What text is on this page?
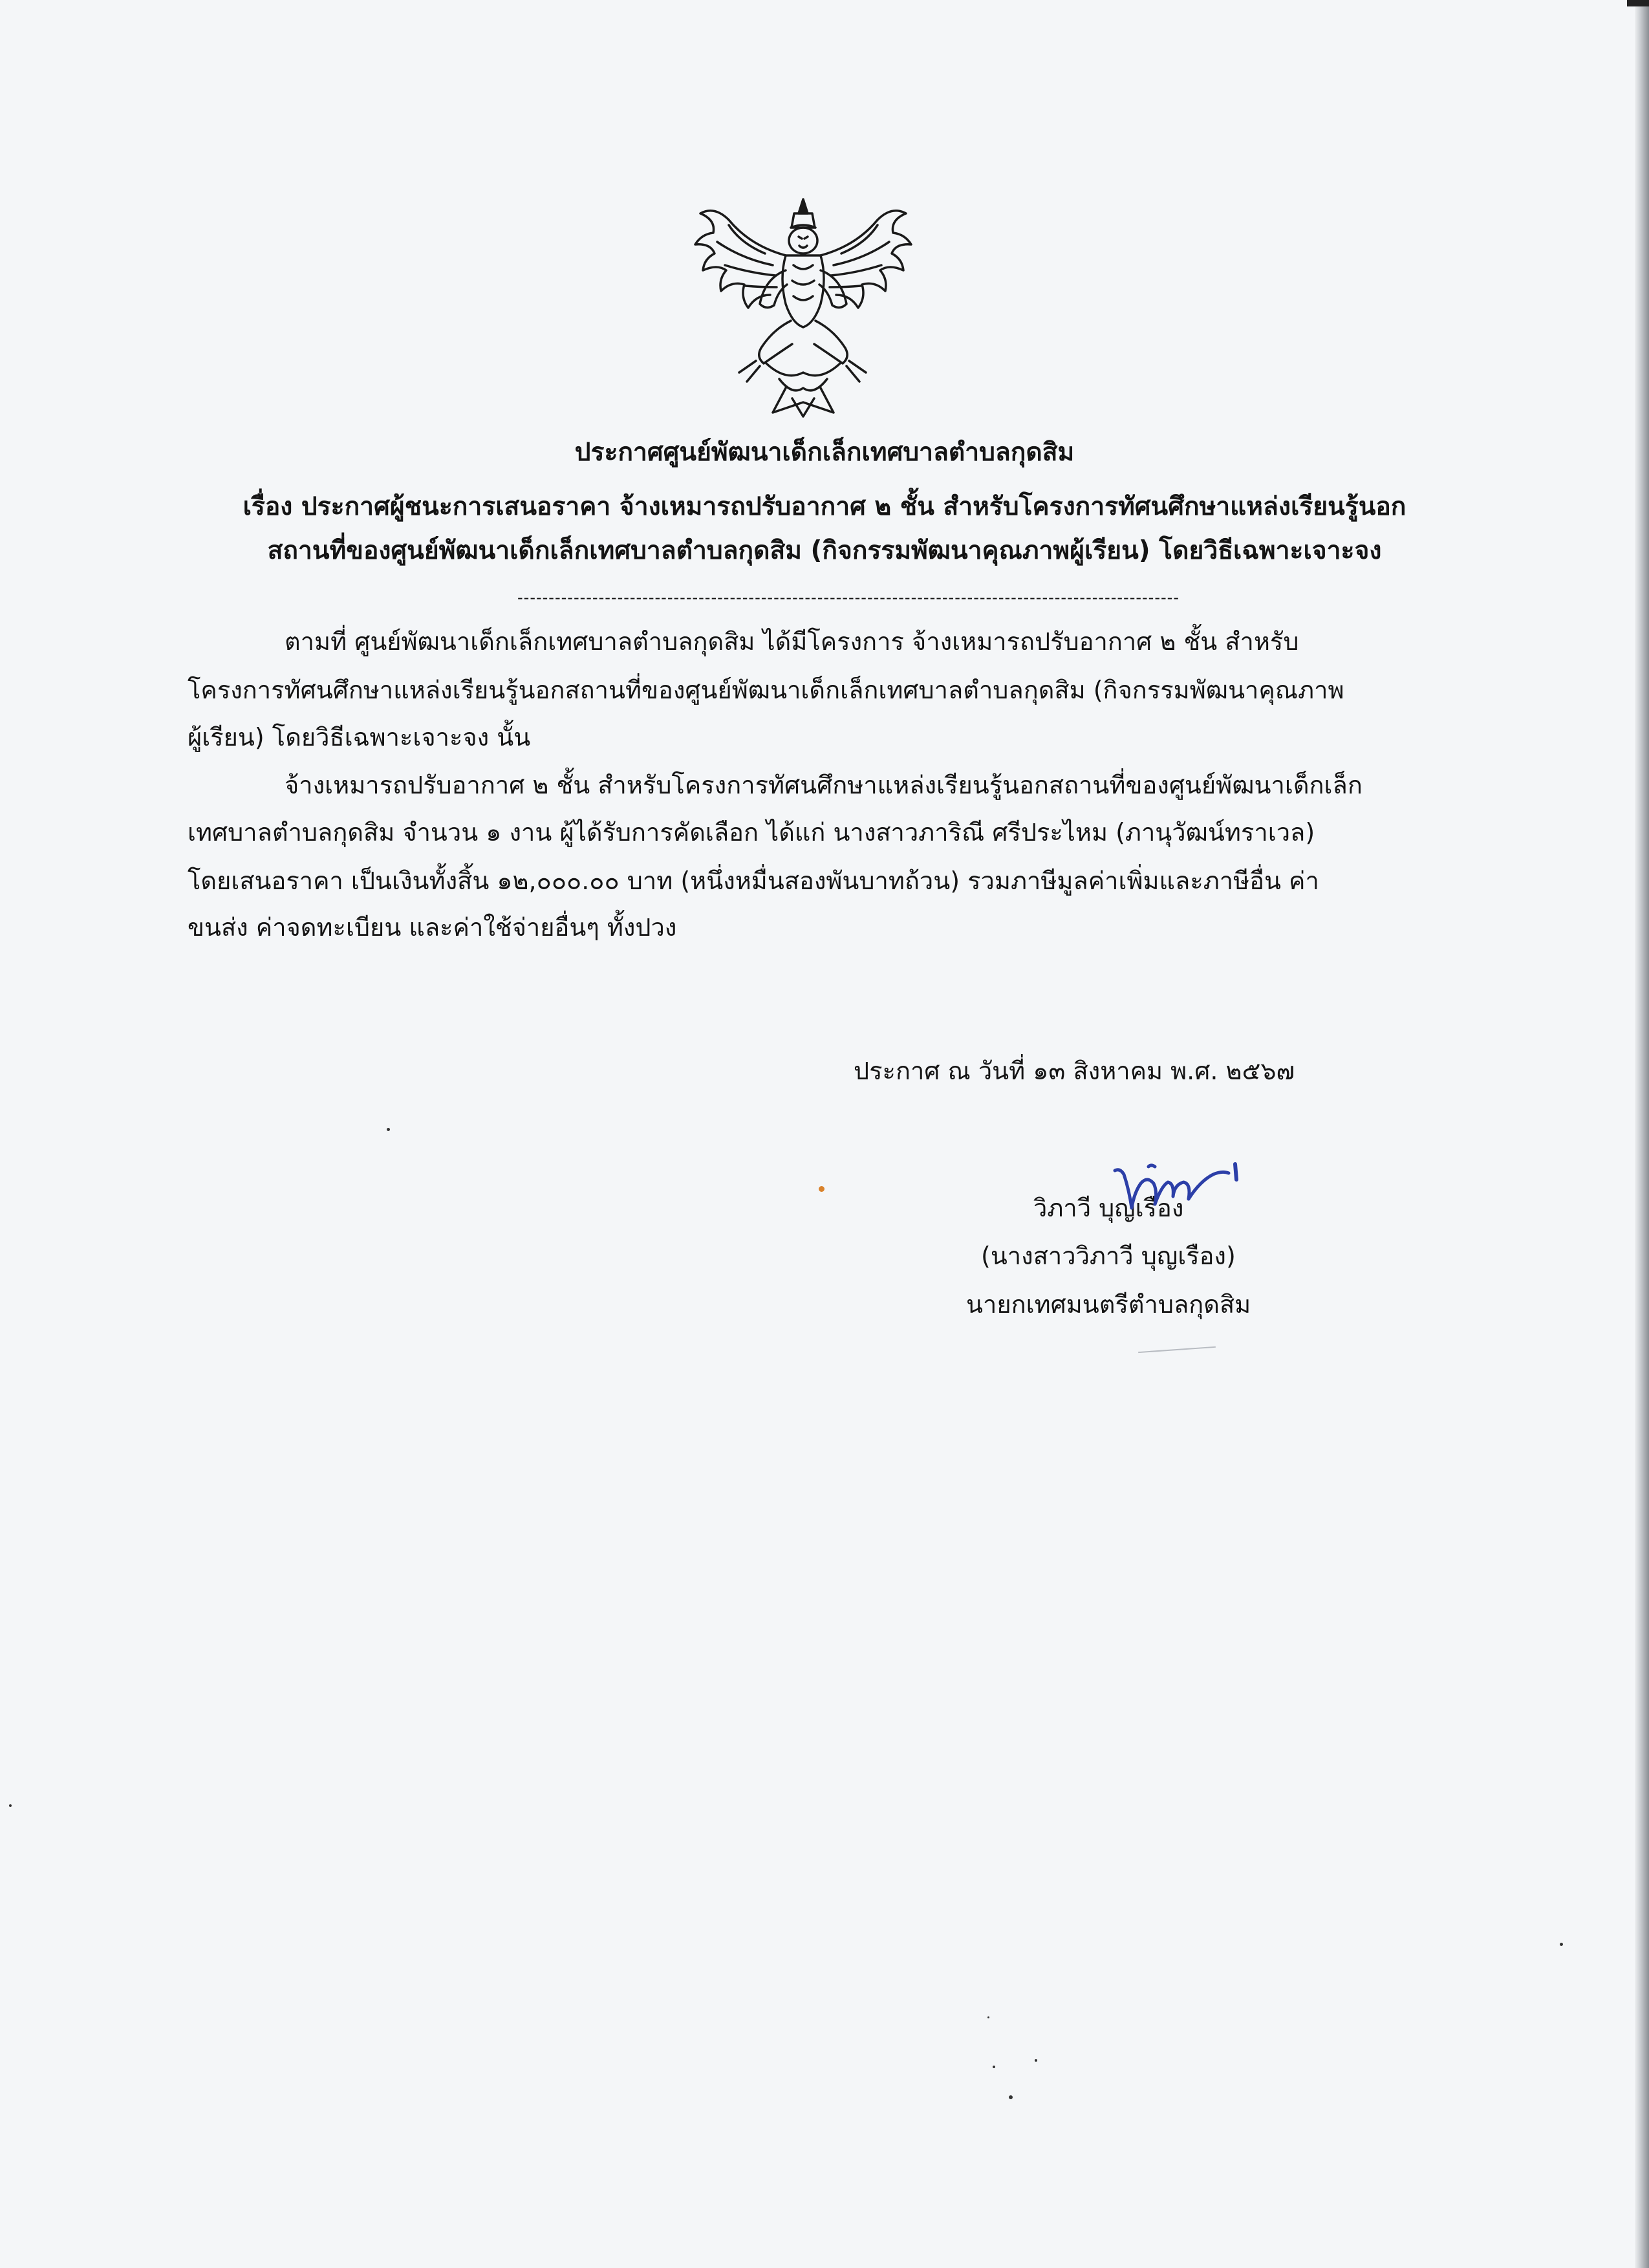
ประกาศศูนย์พัฒนาเด็กเล็กเทศบาลตำบลกุดสิม
เรื่อง ประกาศผู้ชนะการเสนอราคา จ้างเหมารถปรับอากาศ ๒ ชั้น สำหรับโครงการทัศนศึกษาแหล่งเรียนรู้นอก
สถานที่ของศูนย์พัฒนาเด็กเล็กเทศบาลตำบลกุดสิม (กิจกรรมพัฒนาคุณภาพผู้เรียน) โดยวิธีเฉพาะเจาะจง
----------------------------------------------------------------------------------------------------------
ตามที่ ศูนย์พัฒนาเด็กเล็กเทศบาลตำบลกุดสิม ได้มีโครงการ จ้างเหมารถปรับอากาศ ๒ ชั้น สำหรับ
โครงการทัศนศึกษาแหล่งเรียนรู้นอกสถานที่ของศูนย์พัฒนาเด็กเล็กเทศบาลตำบลกุดสิม (กิจกรรมพัฒนาคุณภาพ
ผู้เรียน) โดยวิธีเฉพาะเจาะจง นั้น
จ้างเหมารถปรับอากาศ ๒ ชั้น สำหรับโครงการทัศนศึกษาแหล่งเรียนรู้นอกสถานที่ของศูนย์พัฒนาเด็กเล็ก
เทศบาลตำบลกุดสิม จำนวน ๑ งาน ผู้ได้รับการคัดเลือก ได้แก่ นางสาวภาริณี ศรีประไหม (ภานุวัฒน์ทราเวล)
โดยเสนอราคา เป็นเงินทั้งสิ้น ๑๒,๐๐๐.๐๐ บาท (หนึ่งหมื่นสองพันบาทถ้วน) รวมภาษีมูลค่าเพิ่มและภาษีอื่น ค่า
ขนส่ง ค่าจดทะเบียน และค่าใช้จ่ายอื่นๆ ทั้งปวง
ประกาศ ณ วันที่ ๑๓ สิงหาคม พ.ศ. ๒๕๖๗
วิภาวี บุญเรือง
(นางสาววิภาวี บุญเรือง)
นายกเทศมนตรีตำบลกุดสิม
